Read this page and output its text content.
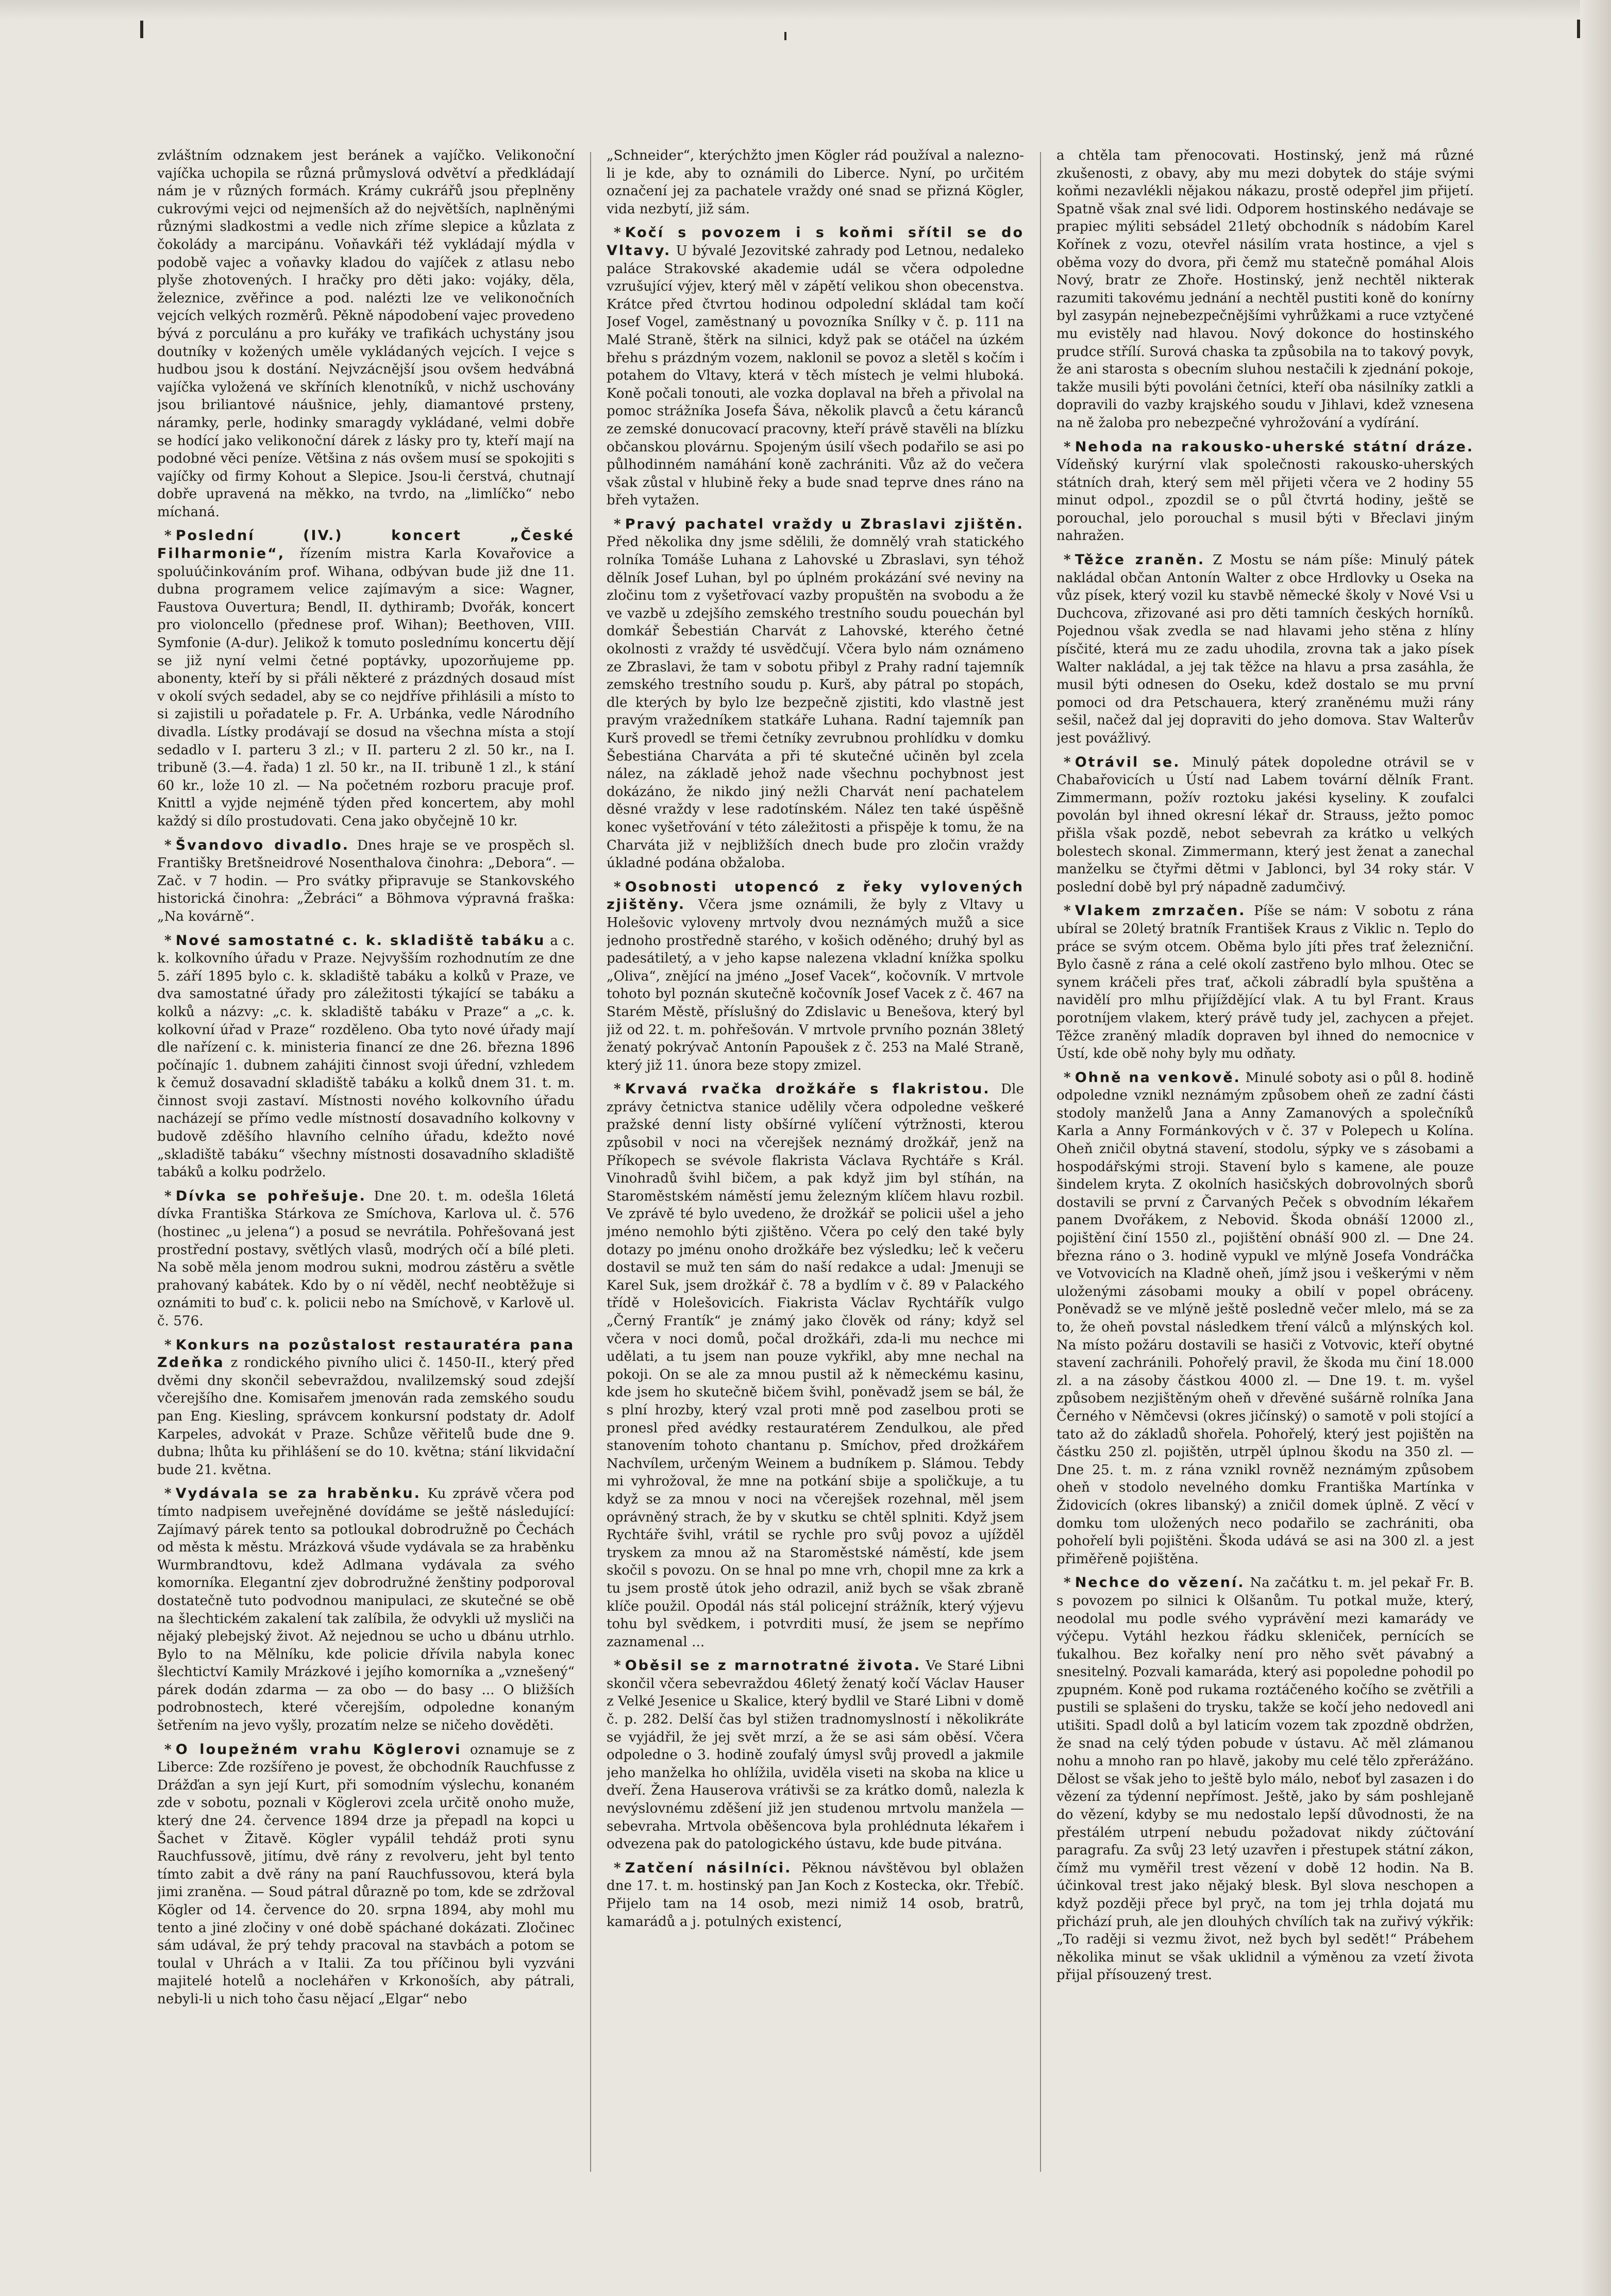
zvláštním odznakem jest beránek a vajíčko. Velikonoční vajíčka uchopila se různá průmyslová odvětví a předkládají nám je v různých formách. Krámy cukrářů jsou přeplněny cukrovými vejci od nejmenších až do největších, naplněnými různými sladkostmi a vedle nich zříme slepice a kůzlata z čokolády a marcipánu. Voňavkáři též vykládají mýdla v podobě vajec a voňavky kladou do vajíček z atlasu nebo plyše zhotovených. I hračky pro děti jako: vojáky, děla, železnice, zvěřince a pod. nalézti lze ve velikonočních vejcích velkých rozměrů. Pěkně nápodobení vajec provedeno bývá z porculánu a pro kuřáky ve trafikách uchystány jsou doutníky v kožených uměle vykládaných vejcích. I vejce s hudbou jsou k dostání. Nejvzácnější jsou ovšem hedvábná vajíčka vyložená ve skříních klenotníků, v nichž uschovány jsou briliantové náušnice, jehly, diamantové prsteny, náramky, perle, hodinky smaragdy vykládané, velmi dobře se hodící jako velikonoční dárek z lásky pro ty, kteří mají na podobné věci peníze. Většina z nás ovšem musí se spokojiti s vajíčky od firmy Kohout a Slepice. Jsou-li čerstvá, chutnají dobře upravená na měkko, na tvrdo, na „limlíčko“ nebo míchaná.

* Poslední (IV.) koncert „České Filharmonie“, řízením mistra Karla Kovařovice a spoluúčinkováním prof. Wihana, odbývan bude již dne 11. dubna programem velice zajímavým a sice: Wagner, Faustova Ouvertura; Bendl, II. dythiramb; Dvořák, koncert pro violoncello (přednese prof. Wihan); Beethoven, VIII. Symfonie (A-dur). Jelikož k tomuto poslednímu koncertu dějí se již nyní velmi četné poptávky, upozorňujeme pp. abonenty, kteří by si přáli některé z prázdných dosaud míst v okolí svých sedadel, aby se co nejdříve přihlásili a místo to si zajistili u pořadatele p. Fr. A. Urbánka, vedle Národního divadla. Lístky prodávají se dosud na všechna místa a stojí sedadlo v I. parteru 3 zl.; v II. parteru 2 zl. 50 kr., na I. tribuně (3.—4. řada) 1 zl. 50 kr., na II. tribuně 1 zl., k stání 60 kr., lože 10 zl. — Na početném rozboru pracuje prof. Knittl a vyjde nejméně týden před koncertem, aby mohl každý si dílo prostudovati. Cena jako obyčejně 10 kr.

* Švandovo divadlo. Dnes hraje se ve prospěch sl. Františky Bretšneidrové Nosenthalova činohra: „Debora“. — Zač. v 7 hodin. — Pro svátky připravuje se Stankovského historická činohra: „Žebráci“ a Böhmova výpravná fraška: „Na kovárně“.

* Nové samostatné c. k. skladiště tabáku a c. k. kolkovního úřadu v Praze. Nejvyšším rozhodnutím ze dne 5. září 1895 bylo c. k. skladiště tabáku a kolků v Praze, ve dva samostatné úřady pro záležitosti týkající se tabáku a kolků a názvy: „c. k. skladiště tabáku v Praze“ a „c. k. kolkovní úřad v Praze“ rozděleno. Oba tyto nové úřady mají dle nařízení c. k. ministeria financí ze dne 26. března 1896 počínajíc 1. dubnem zahájiti činnost svoji úřední, vzhledem k čemuž dosavadní skladiště tabáku a kolků dnem 31. t. m. činnost svoji zastaví. Místnosti nového kolkovního úřadu nacházejí se přímo vedle místností dosavadního kolkovny v budově zděšího hlavního celního úřadu, kdežto nové „skladiště tabáku“ všechny místnosti dosavadního skladiště tabáků a kolku podrželo.

* Dívka se pohřešuje. Dne 20. t. m. odešla 16letá dívka Františka Stárkova ze Smíchova, Karlova ul. č. 576 (hostinec „u jelena“) a posud se nevrátila. Pohřešovaná jest prostřední postavy, světlých vlasů, modrých očí a bílé pleti. Na sobě měla jenom modrou sukni, modrou zástěru a světle prahovaný kabátek. Kdo by o ní věděl, nechť neobtěžuje si oznámiti to buď c. k. policii nebo na Smíchově, v Karlově ul. č. 576.

* Konkurs na pozůstalost restauratéra pana Zdeňka z rondického pivního ulici č. 1450-II., který před dvěmi dny skončil sebevraždou, nvalilzemský soud zdejší včerejšího dne. Komisařem jmenován rada zemského soudu pan Eng. Kiesling, správcem konkursní podstaty dr. Adolf Karpeles, advokát v Praze. Schůze věřitelů bude dne 9. dubna; lhůta ku přihlášení se do 10. května; stání likvidační bude 21. května.

* Vydávala se za hraběnku. Ku zprávě včera pod tímto nadpisem uveřejněné dovídáme se ještě následující: Zajímavý párek tento sa potloukal dobrodružně po Čechách od města k městu. Mrázková všude vydávala se za hraběnku Wurmbrandtovu, kdež Adlmana vydávala za svého komorníka. Elegantní zjev dobrodružné ženštiny podporoval dostatečně tuto podvodnou manipulaci, ze skutečné se obě na šlechtickém zakalení tak zalíbila, že odvykli už mysliči na nějaký plebejský život. Až nejednou se ucho u dbánu utrhlo. Bylo to na Mělníku, kde policie dřívila nabyla konec šlechtictví Kamily Mrázkové i jejího komorníka a „vznešený“ párek dodán zdarma — za obo — do basy ... O bližších podrobnostech, které včerejším, odpoledne konaným šetřením na jevo vyšly, prozatím nelze se ničeho dověděti.

* O loupežném vrahu Köglerovi oznamuje se z Liberce: Zde rozšířeno je povest, že obchodník Rauchfusse z Drážďan a syn její Kurt, při somodním výslechu, konaném zde v sobotu, poznali v Köglerovi zcela určitě onoho muže, který dne 24. července 1894 drze ja přepadl na kopci u Šachet v Žitavě. Kögler vypálil tehdáž proti synu Rauchfussově, jitímu, dvě rány z revolveru, jeht byl tento tímto zabit a dvě rány na paní Rauchfussovou, která byla jimi zraněna. — Soud pátral důrazně po tom, kde se zdržoval Kögler od 14. července do 20. srpna 1894, aby mohl mu tento a jiné zločiny v oné době spáchané dokázati. Zločinec sám udával, že prý tehdy pracoval na stavbách a potom se toulal v Uhrách a v Italii. Za tou příčinou byli vyzváni majitelé hotelů a noclehářen v Krkonoších, aby pátrali, nebyli-li u nich toho času nějací „Elgar“ nebo

„Schneider“, kterýchžto jmen Kögler rád používal a nalezno-li je kde, aby to oznámili do Liberce. Nyní, po určitém označení jej za pachatele vraždy oné snad se přizná Kögler, vida nezbytí, již sám.

* Kočí s povozem i s koňmi sřítil se do Vltavy. U bývalé Jezovitské zahrady pod Letnou, nedaleko paláce Strakovské akademie udál se včera odpoledne vzrušující výjev, který měl v zápětí velikou shon obecenstva. Krátce před čtvrtou hodinou odpolední skládal tam kočí Josef Vogel, zaměstnaný u povozníka Snílky v č. p. 111 na Malé Straně, štěrk na silnici, když pak se otáčel na úzkém břehu s prázdným vozem, naklonil se povoz a sletěl s kočím i potahem do Vltavy, která v těch místech je velmi hluboká. Koně počali tonouti, ale vozka doplaval na břeh a přivolal na pomoc strážníka Josefa Šáva, několik plavců a četu káranců ze zemské donucovací pracovny, kteří právě stavěli na blízku občanskou plovárnu. Spojeným úsilí všech podařilo se asi po půlhodinném namáhání koně zachrániti. Vůz až do večera však zůstal v hlubině řeky a bude snad teprve dnes ráno na břeh vytažen.

* Pravý pachatel vraždy u Zbraslavi zjištěn. Před několika dny jsme sdělili, že domnělý vrah statického rolníka Tomáše Luhana z Lahovské u Zbraslavi, syn téhož dělník Josef Luhan, byl po úplném prokázání své neviny na zločinu tom z vyšetřovací vazby propuštěn na svobodu a že ve vazbě u zdejšího zemského trestního soudu pouechán byl domkář Šebestián Charvát z Lahovské, kterého četné okolnosti z vraždy té usvědčují. Včera bylo nám oznámeno ze Zbraslavi, že tam v sobotu přibyl z Prahy radní tajemník zemského trestního soudu p. Kurš, aby pátral po stopách, dle kterých by bylo lze bezpečně zjistiti, kdo vlastně jest pravým vražedníkem statkáře Luhana. Radní tajemník pan Kurš provedl se třemi četníky zevrubnou prohlídku v domku Šebestiána Charváta a při té skutečné učiněn byl zcela nález, na základě jehož nade všechnu pochybnost jest dokázáno, že nikdo jiný nežli Charvát není pachatelem děsné vraždy v lese radotínském. Nález ten také úspěšně konec vyšetřování v této záležitosti a přispěje k tomu, že na Charváta již v nejbližších dnech bude pro zločin vraždy úkladné podána obžaloba.

* Osobnosti utopencó z řeky vylovených zjištěny. Včera jsme oznámili, že byly z Vltavy u Holešovic vyloveny mrtvoly dvou neznámých mužů a sice jednoho prostředně starého, v košich oděného; druhý byl as padesátiletý, a v jeho kapse nalezena vkladní knížka spolku „Oliva“, znějící na jméno „Josef Vacek“, kočovník. V mrtvole tohoto byl poznán skutečně kočovník Josef Vacek z č. 467 na Starém Městě, příslušný do Zdislavic u Benešova, který byl již od 22. t. m. pohřešován. V mrtvole prvního poznán 38letý ženatý pokrývač Antonín Papoušek z č. 253 na Malé Straně, který již 11. února beze stopy zmizel.

* Krvavá rvačka drožkáře s flakristou. Dle zprávy četnictva stanice udělily včera odpoledne veškeré pražské denní listy obšírné vylíčení výtržnosti, kterou způsobil v noci na včerejšek neznámý drožkář, jenž na Příkopech se svévole flakrista Václava Rychtáře s Král. Vinohradů švihl bičem, a pak když jim byl stíhán, na Staroměstském náměstí jemu železným klíčem hlavu rozbil. Ve zprávě té bylo uvedeno, že drožkář se policii ušel a jeho jméno nemohlo býti zjištěno. Včera po celý den také byly dotazy po jménu onoho drožkáře bez výsledku; leč k večeru dostavil se muž ten sám do naší redakce a udal: Jmenuji se Karel Suk, jsem drožkář č. 78 a bydlím v č. 89 v Palackého třídě v Holešovicích. Fiakrista Václav Rychtářík vulgo „Černý Frantík“ je známý jako člověk od rány; když sel včera v noci domů, počal drožkáři, zda-li mu nechce mi udělati, a tu jsem nan pouze vykřikl, aby mne nechal na pokoji. On se ale za mnou pustil až k německému kasinu, kde jsem ho skutečně bičem švihl, poněvadž jsem se bál, že s plní hrozby, který vzal proti mně pod zaselbou proti se pronesl před avédky restauratérem Zendulkou, ale před stanovením tohoto chantanu p. Smíchov, před drožkářem Nachvílem, určeným Weinem a budníkem p. Slámou. Tebdy mi vyhrožoval, že mne na potkání sbije a spoličkuje, a tu když se za mnou v noci na včerejšek rozehnal, měl jsem oprávněný strach, že by v skutku se chtěl splniti. Když jsem Rychtáře švihl, vrátil se rychle pro svůj povoz a ujížděl tryskem za mnou až na Staroměstské náměstí, kde jsem skočil s povozu. On se hnal po mne vrh, chopil mne za krk a tu jsem prostě útok jeho odrazil, aniž bych se však zbraně klíče použil. Opodál nás stál policejní strážník, který výjevu tohu byl svědkem, i potvrditi musí, že jsem se nepřímo zaznamenal ...

* Oběsil se z marnotratné života. Ve Staré Libni skončil včera sebevraždou 46letý ženatý kočí Václav Hauser z Velké Jesenice u Skalice, který bydlil ve Staré Libni v domě č. p. 282. Delší čas byl stižen tradnomyslností i několikráte se vyjádřil, že jej svět mrzí, a že se asi sám oběsí. Včera odpoledne o 3. hodině zoufalý úmysl svůj provedl a jakmile jeho manželka ho ohlížila, uviděla viseti na skoba na klice u dveří. Žena Hauserova vrátivši se za krátko domů, nalezla k nevýslovnému zděšení již jen studenou mrtvolu manžela — sebevraha. Mrtvola oběšencova byla prohlédnuta lékařem i odvezena pak do patologického ústavu, kde bude pitvána.

* Zatčení násilníci. Pěknou návštěvou byl oblažen dne 17. t. m. hostinský pan Jan Koch z Kostecka, okr. Třebíč. Přijelo tam na 14 osob, mezi nimiž 14 osob, bratrů, kamarádů a j. potulných existencí,

a chtěla tam přenocovati. Hostinský, jenž má různé zkušenosti, z obavy, aby mu mezi dobytek do stáje svými koňmi nezavlékli nějakou nákazu, prostě odepřel jim přijetí. Spatně však znal své lidi. Odporem hostinského nedávaje se prapiec mýliti sebsádel 21letý obchodník s nádobím Karel Kořínek z vozu, otevřel násilím vrata hostince, a vjel s oběma vozy do dvora, při čemž mu statečně pomáhal Alois Nový, bratr ze Zhoře. Hostinský, jenž nechtěl nikterak razumiti takovému jednání a nechtěl pustiti koně do konírny byl zasypán nejnebezpečnějšími vyhrůžkami a ruce vztyčené mu evistěly nad hlavou. Nový dokonce do hostinského prudce střílí. Surová chaska ta způsobila na to takový povyk, že ani starosta s obecním sluhou nestačili k zjednání pokoje, takže musili býti povoláni četníci, kteří oba násilníky zatkli a dopravili do vazby krajského soudu v Jihlavi, kdež vznesena na ně žaloba pro nebezpečné vyhrožování a vydírání.

* Nehoda na rakousko-uherské státní dráze. Vídeňský kurýrní vlak společnosti rakousko-uherských státních drah, který sem měl přijeti včera ve 2 hodiny 55 minut odpol., zpozdil se o půl čtvrtá hodiny, ještě se porouchal, jelo porouchal s musil býti v Břeclavi jiným nahražen.

* Těžce zraněn. Z Mostu se nám píše: Minulý pátek nakládal občan Antonín Walter z obce Hrdlovky u Oseka na vůz písek, který vozil ku stavbě německé školy v Nové Vsi u Duchcova, zřizované asi pro děti tamních českých horníků. Pojednou však zvedla se nad hlavami jeho stěna z hlíny písčité, která mu ze zadu uhodila, zrovna tak a jako písek Walter nakládal, a jej tak těžce na hlavu a prsa zasáhla, že musil býti odnesen do Oseku, kdež dostalo se mu první pomoci od dra Petschauera, který zraněnému muži rány sešil, načež dal jej dopraviti do jeho domova. Stav Walterův jest povážlivý.

* Otrávil se. Minulý pátek dopoledne otrávil se v Chabařovicích u Ústí nad Labem tovární dělník Frant. Zimmermann, požív roztoku jakési kyseliny. K zoufalci povolán byl ihned okresní lékař dr. Strauss, ježto pomoc přišla však pozdě, nebot sebevrah za krátko u velkých bolestech skonal. Zimmermann, který jest ženat a zanechal manželku se čtyřmi dětmi v Jablonci, byl 34 roky stár. V poslední době byl prý nápadně zadumčivý.

* Vlakem zmrzačen. Píše se nám: V sobotu z rána ubíral se 20letý bratník František Kraus z Viklic n. Teplo do práce se svým otcem. Oběma bylo jíti přes trať železniční. Bylo časně z rána a celé okolí zastřeno bylo mlhou. Otec se synem kráčeli přes trať, ačkoli zábradlí byla spuštěna a navidělí pro mlhu přijíždějící vlak. A tu byl Frant. Kraus porotníjem vlakem, který právě tudy jel, zachycen a přejet. Těžce zraněný mladík dopraven byl ihned do nemocnice v Ústí, kde obě nohy byly mu odňaty.

* Ohně na venkově. Minulé soboty asi o půl 8. hodině odpoledne vznikl neznámým způsobem oheň ze zadní části stodoly manželů Jana a Anny Zamanových a společníků Karla a Anny Formánkových v č. 37 v Polepech u Kolína. Oheň zničil obytná stavení, stodolu, sýpky ve s zásobami a hospodářskými stroji. Stavení bylo s kamene, ale pouze šindelem kryta. Z okolních hasičských dobrovolných sborů dostavili se první z Čarvaných Peček s obvodním lékařem panem Dvořákem, z Nebovid. Škoda obnáší 12000 zl., pojištění činí 1550 zl., pojištění obnáší 900 zl. — Dne 24. března ráno o 3. hodině vypukl ve mlýně Josefa Vondráčka ve Votvovicích na Kladně oheň, jímž jsou i veškerými v něm uloženými zásobami mouky a obilí v popel obráceny. Poněvadž se ve mlýně ještě posledně večer mlelo, má se za to, že oheň povstal následkem tření válců a mlýnských kol. Na místo požáru dostavili se hasiči z Votvovic, kteří obytné stavení zachránili. Pohořelý pravil, že škoda mu činí 18.000 zl. a na zásoby částkou 4000 zl. — Dne 19. t. m. vyšel způsobem nezjištěným oheň v dřevěné sušárně rolníka Jana Černého v Němčevsi (okres jičínský) o samotě v poli stojící a tato až do základů shořela. Pohořelý, který jest pojištěn na částku 250 zl. pojištěn, utrpěl úplnou škodu na 350 zl. — Dne 25. t. m. z rána vznikl rovněž neznámým způsobem oheň v stodolo nevelného domku Františka Martínka v Židovicích (okres libanský) a zničil domek úplně. Z věcí v domku tom uložených neco podařilo se zachrániti, oba pohořelí byli pojištěni. Škoda udává se asi na 300 zl. a jest přiměřeně pojištěna.

* Nechce do vězení. Na začátku t. m. jel pekař Fr. B. s povozem po silnici k Olšanům. Tu potkal muže, který, neodolal mu podle svého vyprávění mezi kamarády ve výčepu. Vytáhl hezkou řádku skleniček, pernících se ťukalhou. Bez kořalky není pro něho svět pávabný a snesitelný. Pozvali kamaráda, který asi popoledne pohodil po zpupném. Koně pod rukama roztáčeného kočího se zvětřili a pustili se splašeni do trysku, takže se kočí jeho nedovedl ani utišiti. Spadl dolů a byl laticím vozem tak zpozdně obdržen, že snad na celý týden pobude v ústavu. Ač měl zlámanou nohu a mnoho ran po hlavě, jakoby mu celé tělo zpřerážáno. Dělost se však jeho to ještě bylo málo, neboť byl zasazen i do vězení za týdenní nepřímost. Ještě, jako by sám poshlejaně do vězení, kdyby se mu nedostalo lepší důvodnosti, že na přestálém utrpení nebudu požadovat nikdy zúčtování paragrafu. Za svůj 23 letý uzavřen i přestupek státní zákon, čímž mu vyměřil trest vězení v době 12 hodin. Na B. účinkoval trest jako nějaký blesk. Byl slova neschopen a když později přece byl pryč, na tom jej trhla dojatá mu přichází pruh, ale jen dlouhých chvílích tak na zuřivý výkřik: „To raději si vezmu život, než bych byl sedět!“ Prábehem několika minut se však uklidnil a výměnou za vzetí života přijal přísouzený trest.
